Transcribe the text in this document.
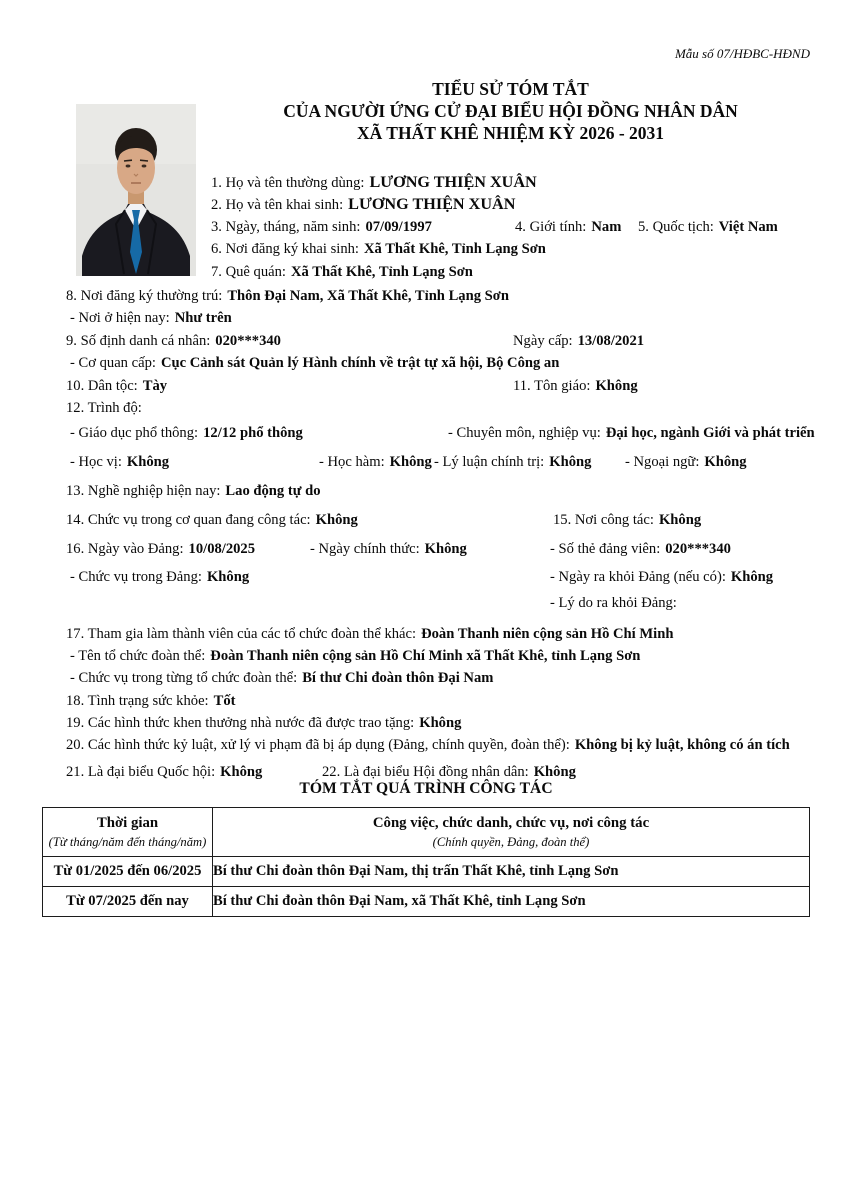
Mẫu số 07/HĐBC-HĐND
TIỂU SỬ TÓM TẮT
CỦA NGƯỜI ỨNG CỬ ĐẠI BIỂU HỘI ĐỒNG NHÂN DÂN
XÃ THẤT KHÊ NHIỆM KỲ 2026 - 2031
1. Họ và tên thường dùng: LƯƠNG THIỆN XUÂN
2. Họ và tên khai sinh: LƯƠNG THIỆN XUÂN
3. Ngày, tháng, năm sinh: 07/09/1997	4. Giới tính: Nam	5. Quốc tịch: Việt Nam
6. Nơi đăng ký khai sinh: Xã Thất Khê, Tỉnh Lạng Sơn
7. Quê quán: Xã Thất Khê, Tỉnh Lạng Sơn
8. Nơi đăng ký thường trú: Thôn Đại Nam, Xã Thất Khê, Tỉnh Lạng Sơn
- Nơi ở hiện nay: Như trên
9. Số định danh cá nhân: 020***340	Ngày cấp: 13/08/2021
- Cơ quan cấp: Cục Cảnh sát Quản lý Hành chính về trật tự xã hội, Bộ Công an
10. Dân tộc: Tày	11. Tôn giáo: Không
12. Trình độ:
- Giáo dục phổ thông: 12/12 phổ thông	- Chuyên môn, nghiệp vụ: Đại học, ngành Giới và phát triển
- Học vị: Không	- Học hàm: Không - Lý luận chính trị: Không	- Ngoại ngữ: Không
13. Nghề nghiệp hiện nay: Lao động tự do
14. Chức vụ trong cơ quan đang công tác: Không	15. Nơi công tác: Không
16. Ngày vào Đảng: 10/08/2025	- Ngày chính thức: Không	- Số thẻ đảng viên: 020***340
- Chức vụ trong Đảng: Không	- Ngày ra khỏi Đảng (nếu có): Không
- Lý do ra khỏi Đảng:
17. Tham gia làm thành viên của các tổ chức đoàn thể khác: Đoàn Thanh niên cộng sản Hồ Chí Minh
- Tên tổ chức đoàn thể: Đoàn Thanh niên cộng sản Hồ Chí Minh xã Thất Khê, tỉnh Lạng Sơn
- Chức vụ trong từng tổ chức đoàn thể: Bí thư Chi đoàn thôn Đại Nam
18. Tình trạng sức khỏe: Tốt
19. Các hình thức khen thưởng nhà nước đã được trao tặng: Không
20. Các hình thức kỷ luật, xử lý vi phạm đã bị áp dụng (Đảng, chính quyền, đoàn thể): Không bị kỷ luật, không có án tích
21. Là đại biểu Quốc hội: Không	22. Là đại biểu Hội đồng nhân dân: Không
TÓM TẮT QUÁ TRÌNH CÔNG TÁC
Thời gian
(Từ tháng/năm đến tháng/năm)

Công việc, chức danh, chức vụ, nơi công tác
(Chính quyền, Đảng, đoàn thể)

Từ 01/2025 đến 06/2025	Bí thư Chi đoàn thôn Đại Nam, thị trấn Thất Khê, tỉnh Lạng Sơn
Từ 07/2025 đến nay	Bí thư Chi đoàn thôn Đại Nam, xã Thất Khê, tỉnh Lạng Sơn
